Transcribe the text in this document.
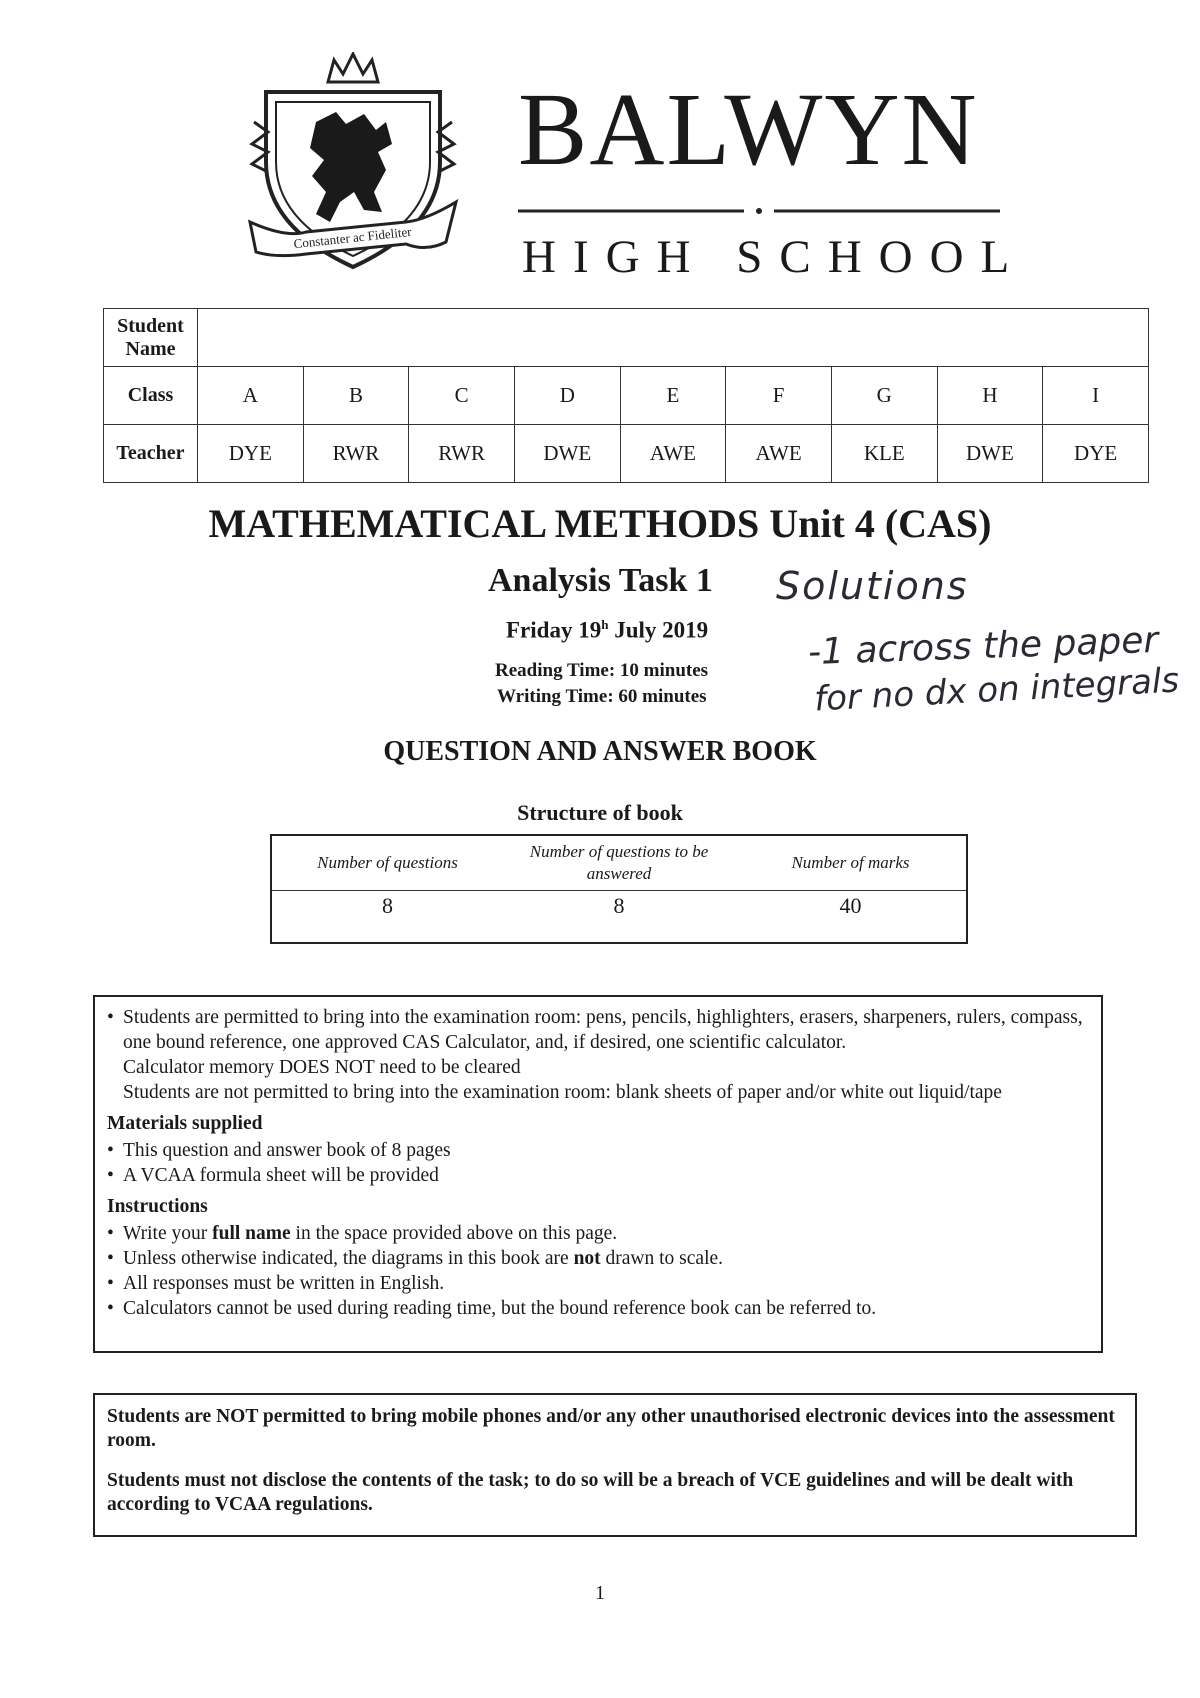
Constanter ac Fideliter
BALWYN
HIGH SCHOOL
Student Name									
Class	A	B	C	D	E	F	G	H	I
Teacher	DYE	RWR	RWR	DWE	AWE	AWE	KLE	DWE	DYE
MATHEMATICAL METHODS Unit 4 (CAS)
Analysis Task 1
Friday 19$^h$ July 2019
Reading Time: 10 minutes
Writing Time: 60 minutes
Solutions
-1 across the paper
for no dx on integrals
QUESTION AND ANSWER BOOK
Structure of book
Number of questions	Number of questions to be answered	Number of marks
8	8	40
• Students are permitted to bring into the examination room: pens, pencils, highlighters, erasers, sharpeners, rulers, compass, one bound reference, one approved CAS Calculator, and, if desired, one scientific calculator.
Calculator memory DOES NOT need to be cleared
Students are not permitted to bring into the examination room: blank sheets of paper and/or white out liquid/tape
Materials supplied
• This question and answer book of 8 pages
• A VCAA formula sheet will be provided
Instructions
• Write your full name in the space provided above on this page.
• Unless otherwise indicated, the diagrams in this book are not drawn to scale.
• All responses must be written in English.
• Calculators cannot be used during reading time, but the bound reference book can be referred to.

Students are NOT permitted to bring mobile phones and/or any other unauthorised electronic devices into the assessment room.

Students must not disclose the contents of the task; to do so will be a breach of VCE guidelines and will be dealt with according to VCAA regulations.

1
